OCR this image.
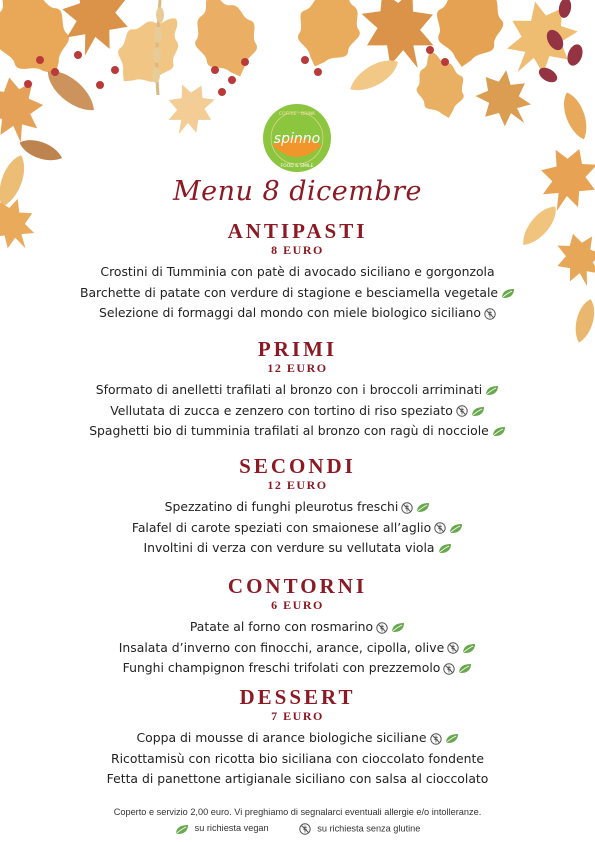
spinno
COFFEE · DRINK
FOOD & SMILE
Menu 8 dicembre
ANTIPASTI
8 EURO
Crostini di Tumminia con patè di avocado siciliano e gorgonzola
Barchette di patate con verdure di stagione e besciamella vegetale
Selezione di formaggi dal mondo con miele biologico siciliano
PRIMI
12 EURO
Sformato di anelletti trafilati al bronzo con i broccoli arriminati
Vellutata di zucca e zenzero con tortino di riso speziato
Spaghetti bio di tumminia trafilati al bronzo con ragù di nocciole
SECONDI
12 EURO
Spezzatino di funghi pleurotus freschi
Falafel di carote speziati con smaionese all’aglio
Involtini di verza con verdure su vellutata viola
CONTORNI
6 EURO
Patate al forno con rosmarino
Insalata d’inverno con finocchi, arance, cipolla, olive
Funghi champignon freschi trifolati con prezzemolo
DESSERT
7 EURO
Coppa di mousse di arance biologiche siciliane
Ricottamisù con ricotta bio siciliana con cioccolato fondente
Fetta di panettone artigianale siciliano con salsa al cioccolato
Coperto e servizio 2,00 euro. Vi preghiamo di segnalarci eventuali allergie e/o intolleranze.
su richiesta vegan	su richiesta senza glutine
